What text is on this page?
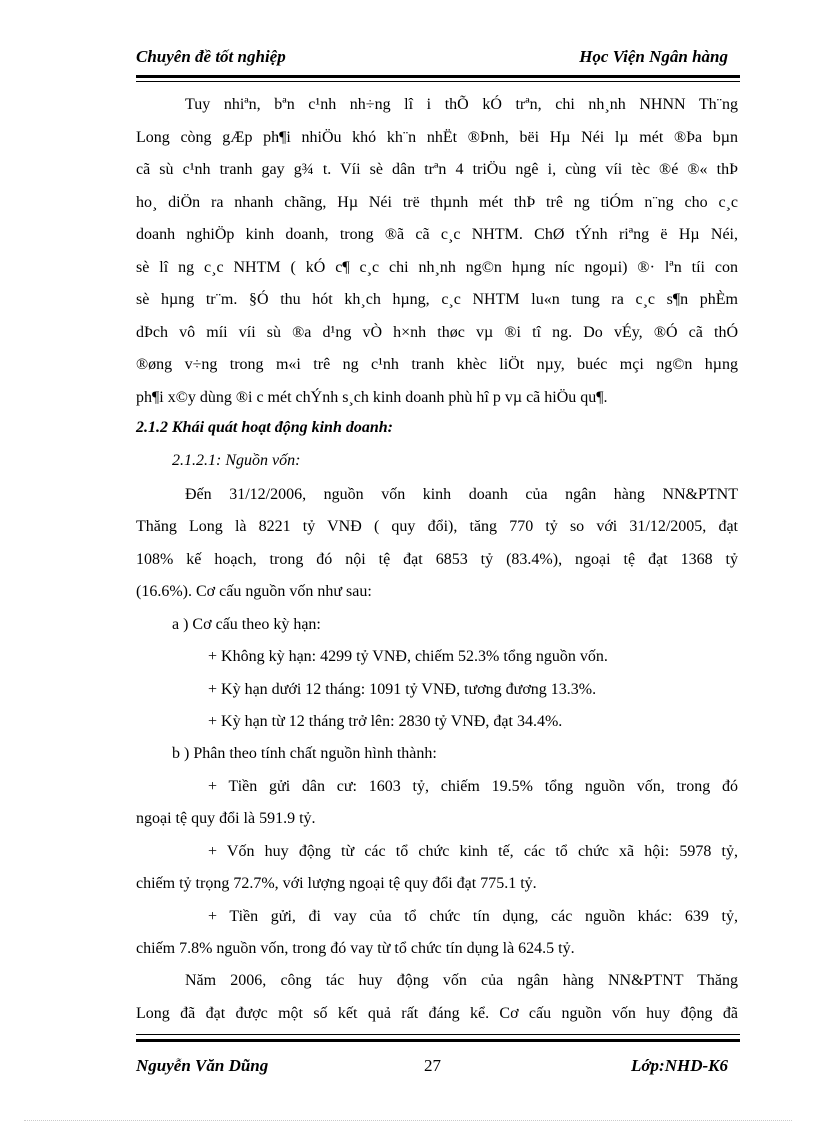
Chuyên đề tốt nghiệp	Học Viện Ngân hàng
Tuy nhiªn, bªn c¹nh nh÷ng lî i thÕ kÓ trªn, chi nh¸nh NHNN Th¨ng
Long còng gÆp ph¶i nhiÖu khó kh¨n nhËt ®Þnh, bëi Hµ Néi lµ mét ®Þa bµn
cã sù c¹nh tranh gay g¾ t. Víi sè dân trªn 4 triÖu ngê i, cùng víi tèc ®é ®« thÞ
ho¸ diÖn ra nhanh chãng, Hµ Néi trë thµnh mét thÞ trê ng tiÓm n¨ng cho c¸c
doanh nghiÖp kinh doanh, trong ®ã cã c¸c NHTM. ChØ tÝnh riªng ë Hµ Néi,
sè lî ng c¸c NHTM ( kÓ c¶ c¸c chi nh¸nh ng©n hµng níc ngoµi) ®· lªn tíi con
sè hµng tr¨m. §Ó thu hót kh¸ch hµng, c¸c NHTM lu«n tung ra c¸c s¶n phÈm
dÞch vô míi víi sù ®a d¹ng vÒ h×nh thøc vµ ®i tî ng. Do vÉy, ®Ó cã thÓ
®øng v÷ng trong m«i trê ng c¹nh tranh khèc liÖt nµy, buéc mçi ng©n hµng
ph¶i x©y dùng ®i c mét chÝnh s¸ch kinh doanh phù hî p vµ cã hiÖu qu¶.
2.1.2 Khái quát hoạt động kinh doanh:
2.1.2.1: Nguồn vốn:
Đến 31/12/2006, nguồn vốn kinh doanh của ngân hàng NN&PTNT
Thăng Long là 8221 tỷ VNĐ ( quy đổi), tăng 770 tỷ so với 31/12/2005, đạt
108% kế hoạch, trong đó nội tệ đạt 6853 tỷ (83.4%), ngoại tệ đạt 1368 tỷ
(16.6%). Cơ cấu nguồn vốn như sau:
a ) Cơ cấu theo kỳ hạn:
+ Không kỳ hạn: 4299 tỷ VNĐ, chiếm 52.3% tổng nguồn vốn.
+ Kỳ hạn dưới 12 tháng: 1091 tỷ VNĐ, tương đương 13.3%.
+ Kỳ hạn từ 12 tháng trở lên: 2830 tỷ VNĐ, đạt 34.4%.
b ) Phân theo tính chất nguồn hình thành:
+ Tiền gửi dân cư: 1603 tỷ, chiếm 19.5% tổng nguồn vốn, trong đó
ngoại tệ quy đổi là 591.9 tỷ.
+ Vốn huy động từ các tổ chức kinh tế, các tổ chức xã hội: 5978 tỷ,
chiếm tỷ trọng 72.7%, với lượng ngoại tệ quy đổi đạt 775.1 tỷ.
+ Tiền gửi, đi vay của tổ chức tín dụng, các nguồn khác: 639 tỷ,
chiếm 7.8% nguồn vốn, trong đó vay từ tổ chức tín dụng là 624.5 tỷ.
Năm 2006, công tác huy động vốn của ngân hàng NN&PTNT Thăng
Long đã đạt được một số kết quả rất đáng kể. Cơ cấu nguồn vốn huy động đã
Nguyễn Văn Dũng	27	Lớp:NHD-K6
